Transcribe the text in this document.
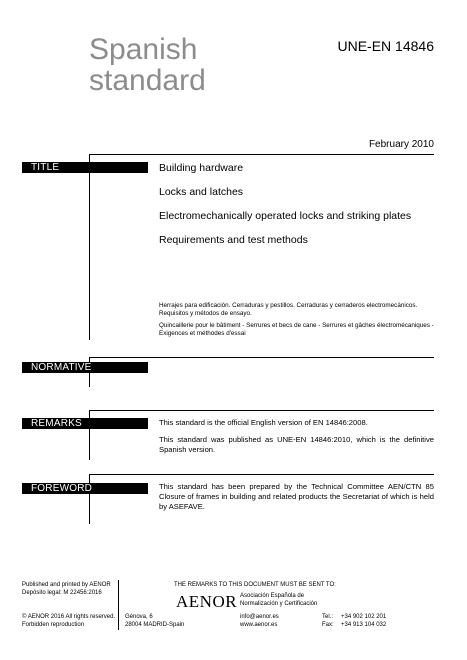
Spanish
standard
UNE-EN 14846
February 2010
TITLE
NORMATIVE
REMARKS
FOREWORD
Building hardware
Locks and latches
Electromechanically operated locks and striking plates
Requirements and test methods
Herrajes para edificación. Cerraduras y pestillos. Cerraduras y cerraderos electromecánicos. Requisitos y métodos de ensayo.
Quincaillerie pour le bâtiment - Serrures et becs de cane - Serrures et gâches électromécaniques - Exigences et méthodes d'essai
This standard is the official English version of EN 14846:2008.
This standard was published as UNE-EN 14846:2010, which is the definitive Spanish version.
This standard has been prepared by the Technical Committee AEN/CTN 85 Closure of frames in building and related products the Secretariat of which is held by ASEFAVE.
Published and printed by AENOR
Depósito legal: M 22456:2016
THE REMARKS TO THIS DOCUMENT MUST BE SENT TO:
AENOR Asociación Española de
Normalización y Certificación
© AENOR 2016 All rights reserved.
Forbidden reproduction
Génova, 6
28004 MADRID-Spain
info@aenor.es
www.aenor.es
Tel.: +34 902 102 201
Fax: +34 913 104 032
